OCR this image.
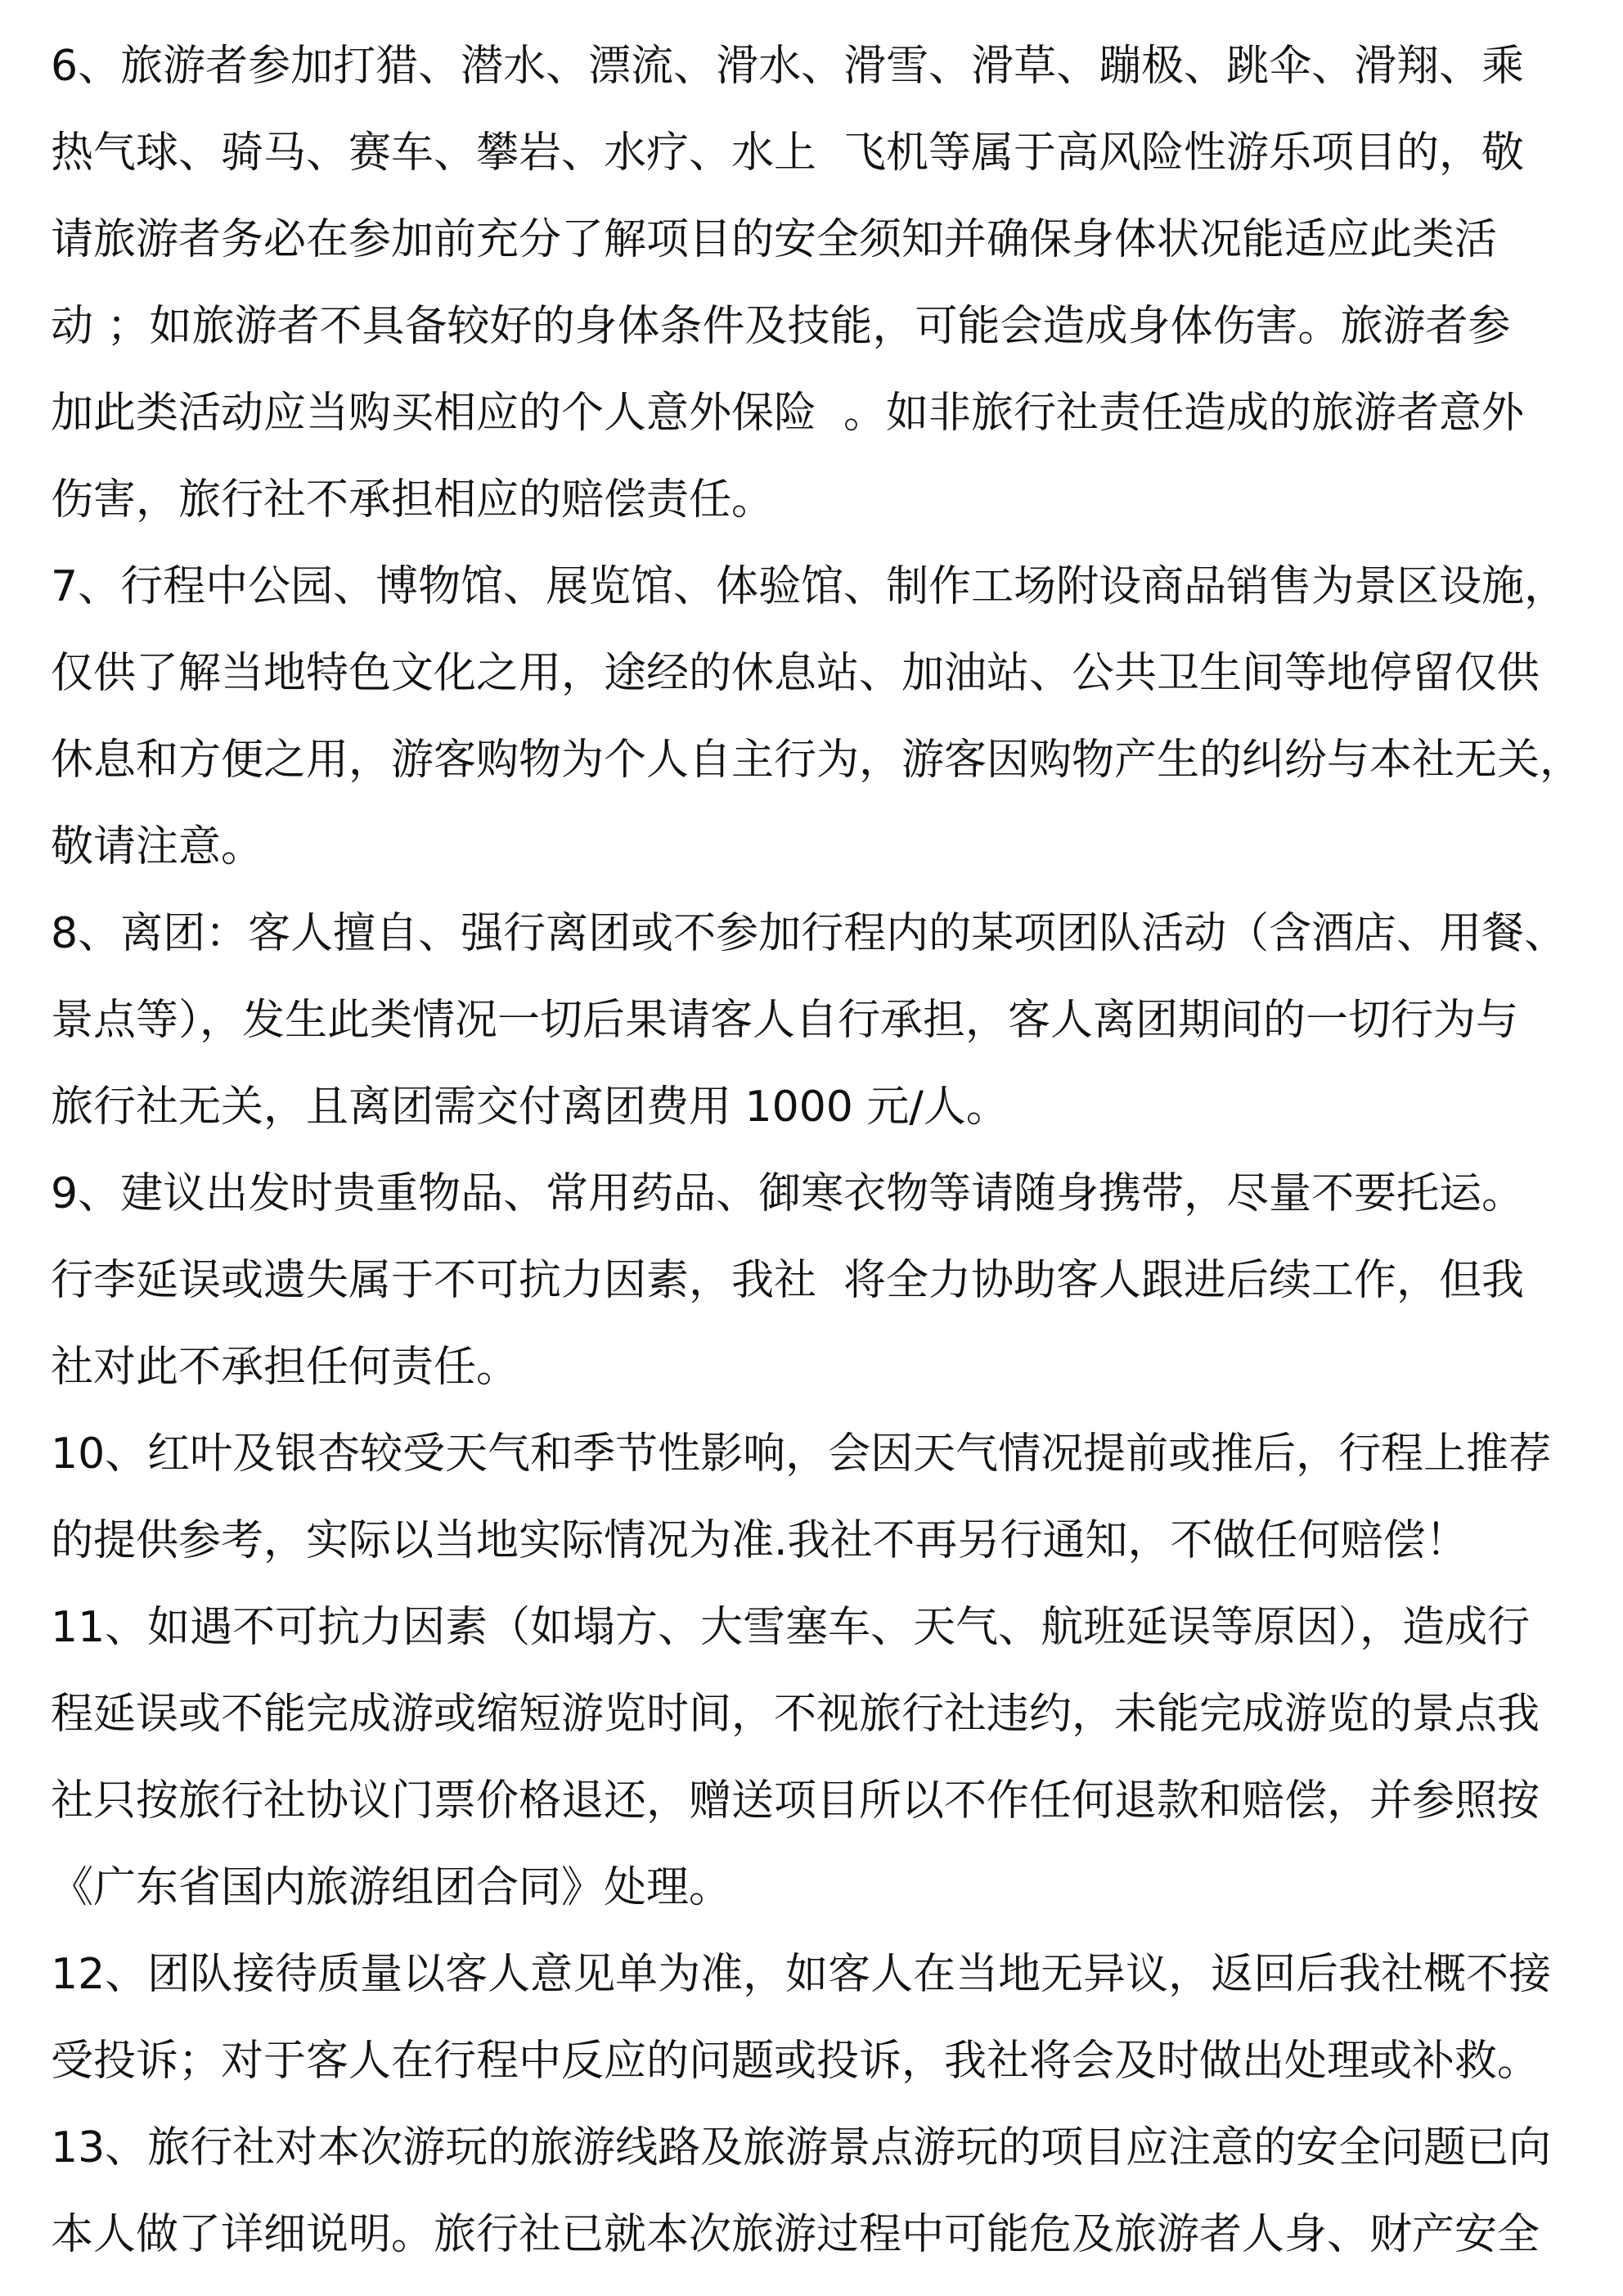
6、旅游者参加打猎、潜水、漂流、滑水、滑雪、滑草、蹦极、跳伞、滑翔、乘
热气球、骑马、赛车、攀岩、水疗、水上  飞机等属于高风险性游乐项目的，敬
请旅游者务必在参加前充分了解项目的安全须知并确保身体状况能适应此类活
动 ；如旅游者不具备较好的身体条件及技能，可能会造成身体伤害。旅游者参
加此类活动应当购买相应的个人意外保险  。如非旅行社责任造成的旅游者意外
伤害，旅行社不承担相应的赔偿责任。
7、行程中公园、博物馆、展览馆、体验馆、制作工场附设商品销售为景区设施，
仅供了解当地特色文化之用，途经的休息站、加油站、公共卫生间等地停留仅供
休息和方便之用，游客购物为个人自主行为，游客因购物产生的纠纷与本社无关，
敬请注意。
8、离团：客人擅自、强行离团或不参加行程内的某项团队活动（含酒店、用餐、
景点等），发生此类情况一切后果请客人自行承担，客人离团期间的一切行为与
旅行社无关，且离团需交付离团费用 1000 元/人。
9、建议出发时贵重物品、常用药品、御寒衣物等请随身携带，尽量不要托运。
行李延误或遗失属于不可抗力因素，我社  将全力协助客人跟进后续工作，但我
社对此不承担任何责任。
10、红叶及银杏较受天气和季节性影响，会因天气情况提前或推后，行程上推荐
的提供参考，实际以当地实际情况为准.我社不再另行通知，不做任何赔偿！
11、如遇不可抗力因素（如塌方、大雪塞车、天气、航班延误等原因），造成行
程延误或不能完成游或缩短游览时间，不视旅行社违约，未能完成游览的景点我
社只按旅行社协议门票价格退还，赠送项目所以不作任何退款和赔偿，并参照按
《广东省国内旅游组团合同》处理。
12、团队接待质量以客人意见单为准，如客人在当地无异议，返回后我社概不接
受投诉；对于客人在行程中反应的问题或投诉，我社将会及时做出处理或补救。
13、旅行社对本次游玩的旅游线路及旅游景点游玩的项目应注意的安全问题已向
本人做了详细说明。旅行社已就本次旅游过程中可能危及旅游者人身、财产安全
